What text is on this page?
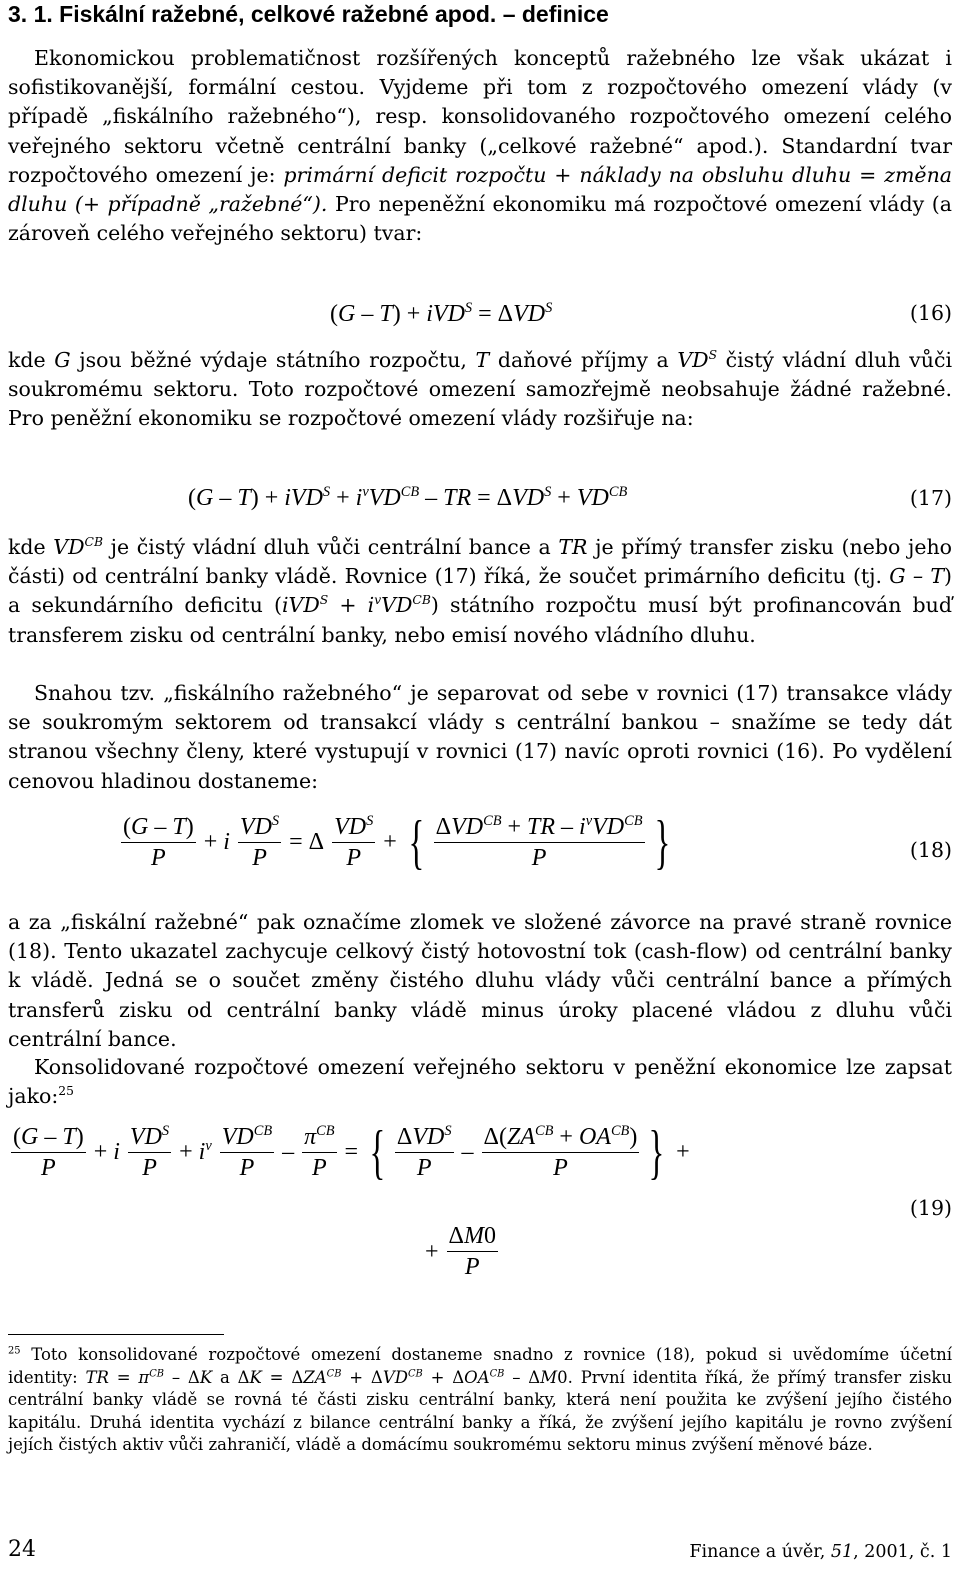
3. 1. Fiskální ražebné, celkové ražebné apod. – definice

Ekonomickou problematičnost rozšířených konceptů ražebného lze však ukázat i sofistikovanější, formální cestou. Vyjdeme při tom z rozpočtového omezení vlády (v případě „fiskálního ražebného“), resp. konsolidovaného rozpočtového omezení celého veřejného sektoru včetně centrální banky („celkové ražebné“ apod.). Standardní tvar rozpočtového omezení je: primární deficit rozpočtu + náklady na obsluhu dluhu = změna dluhu (+ případně „ražebné“). Pro nepeněžní ekonomiku má rozpočtové omezení vlády (a zároveň celého veřejného sektoru) tvar:

$(G - T) + iVD^S = \Delta VD^S$	(16)

kde G jsou běžné výdaje státního rozpočtu, T daňové příjmy a $VD^S$ čistý vládní dluh vůči soukromému sektoru. Toto rozpočtové omezení samozřejmě neobsahuje žádné ražebné. Pro peněžní ekonomiku se rozpočtové omezení vlády rozšiřuje na:

$(G - T) + iVD^S + i^vVD^{CB}$ – TR = $\Delta VD^S + VD^{CB}$	(17)

kde $VD^{CB}$ je čistý vládní dluh vůči centrální bance a TR je přímý transfer zisku (nebo jeho části) od centrální banky vládě. Rovnice (17) říká, že součet primárního deficitu (tj. G – T) a sekundárního deficitu $(iVD^S + i^vVD^{CB})$ státního rozpočtu musí být profinancován buď transferem zisku od centrální banky, nebo emisí nového vládního dluhu.

Snahou tzv. „fiskálního ražebného“ je separovat od sebe v rovnici (17) transakce vlády se soukromým sektorem od transakcí vlády s centrální bankou – snažíme se tedy dát stranou všechny členy, které vystupují v rovnici (17) navíc oproti rovnici (16). Po vydělení cenovou hladinou dostaneme:

$\frac{(G - T)}{P} + i \frac{VD^S}{P} = \Delta \frac{VD^S}{P}$ + { $\frac{\Delta VD^{CB} + TR - i^vVD^{CB}}{P}$ }	(18)

a za „fiskální ražebné“ pak označíme zlomek ve složené závorce na pravé straně rovnice (18). Tento ukazatel zachycuje celkový čistý hotovostní tok (cash-flow) od centrální banky k vládě. Jedná se o součet změny čistého dluhu vlády vůči centrální bance a přímých transferů zisku od centrální banky vládě minus úroky placené vládou z dluhu vůči centrální bance.

Konsolidované rozpočtové omezení veřejného sektoru v peněžní ekonomice lze zapsat jako:$^{25}$

$\frac{(G - T)}{P} + i \frac{VD^S}{P} + i^v \frac{VD^{CB}}{P} - \frac{\pi^{CB}}{P}$ = { $\frac{\Delta VD^S}{P} - \frac{\Delta(ZA^{CB} + OA^{CB})}{P}$ } +
+ $\frac{\Delta M0}{P}$
(19)

$^{25}$ Toto konsolidované rozpočtové omezení dostaneme snadno z rovnice (18), pokud si uvědomíme účetní identity: TR = $\pi^{CB}$ – ΔK a $\Delta K = \Delta ZA^{CB} + \Delta VD^{CB} + \Delta OA^{CB} - \Delta M0$. První identita říká, že přímý transfer zisku centrální banky vládě se rovná té části zisku centrální banky, která není použita ke zvýšení jejího čistého kapitálu. Druhá identita vychází z bilance centrální banky a říká, že zvýšení jejího kapitálu je rovno zvýšení jejích čistých aktiv vůči zahraničí, vládě a domácímu soukromému sektoru minus zvýšení měnové báze.

24	Finance a úvěr, 51, 2001, č. 1
